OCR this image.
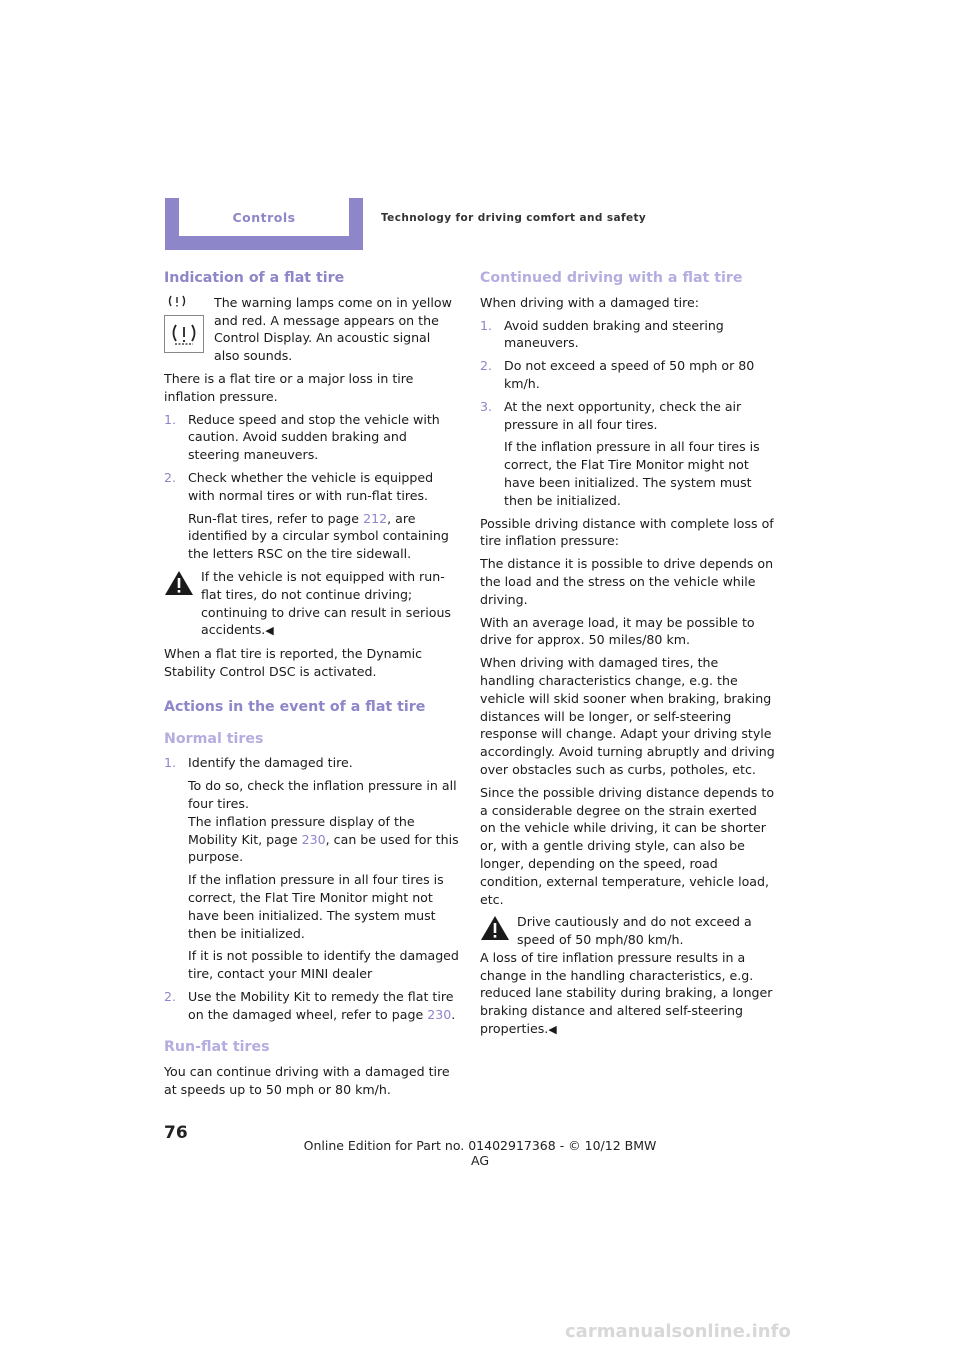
Controls	Technology for driving comfort and safety
Indication of a flat tire

The warning lamps come on in yellow and red. A message appears on the Control Display. An acoustic signal also sounds.

There is a flat tire or a major loss in tire inflation pressure.

1. Reduce speed and stop the vehicle with caution. Avoid sudden braking and steering maneuvers.
2. Check whether the vehicle is equipped with normal tires or with run-flat tires.

Run-flat tires, refer to page 212, are identified by a circular symbol containing the letters RSC on the tire sidewall.

If the vehicle is not equipped with run-flat tires, do not continue driving; continuing to drive can result in serious accidents.◀

When a flat tire is reported, the Dynamic Stability Control DSC is activated.

Actions in the event of a flat tire
Normal tires
1. Identify the damaged tire.

To do so, check the inflation pressure in all four tires.

The inflation pressure display of the Mobility Kit, page 230, can be used for this purpose.

If the inflation pressure in all four tires is correct, the Flat Tire Monitor might not have been initialized. The system must then be initialized.

If it is not possible to identify the damaged tire, contact your MINI dealer

2. Use the Mobility Kit to remedy the flat tire on the damaged wheel, refer to page 230.
Run-flat tires

You can continue driving with a damaged tire at speeds up to 50 mph or 80 km/h.

Continued driving with a flat tire

When driving with a damaged tire:

1. Avoid sudden braking and steering maneuvers.
2. Do not exceed a speed of 50 mph or 80 km/h.
3. At the next opportunity, check the air pressure in all four tires.

If the inflation pressure in all four tires is correct, the Flat Tire Monitor might not have been initialized. The system must then be initialized.

Possible driving distance with complete loss of tire inflation pressure:

The distance it is possible to drive depends on the load and the stress on the vehicle while driving.

With an average load, it may be possible to drive for approx. 50 miles/80 km.

When driving with damaged tires, the handling characteristics change, e.g. the vehicle will skid sooner when braking, braking distances will be longer, or self-steering response will change. Adapt your driving style accordingly. Avoid turning abruptly and driving over obstacles such as curbs, potholes, etc.

Since the possible driving distance depends to a considerable degree on the strain exerted on the vehicle while driving, it can be shorter or, with a gentle driving style, can also be longer, depending on the speed, road condition, external temperature, vehicle load, etc.

Drive cautiously and do not exceed a speed of 50 mph/80 km/h.

A loss of tire inflation pressure results in a change in the handling characteristics, e.g. reduced lane stability during braking, a longer braking distance and altered self-steering properties.◀

76
Online Edition for Part no. 01402917368 - © 10/12 BMW AG
carmanualsonline.info
